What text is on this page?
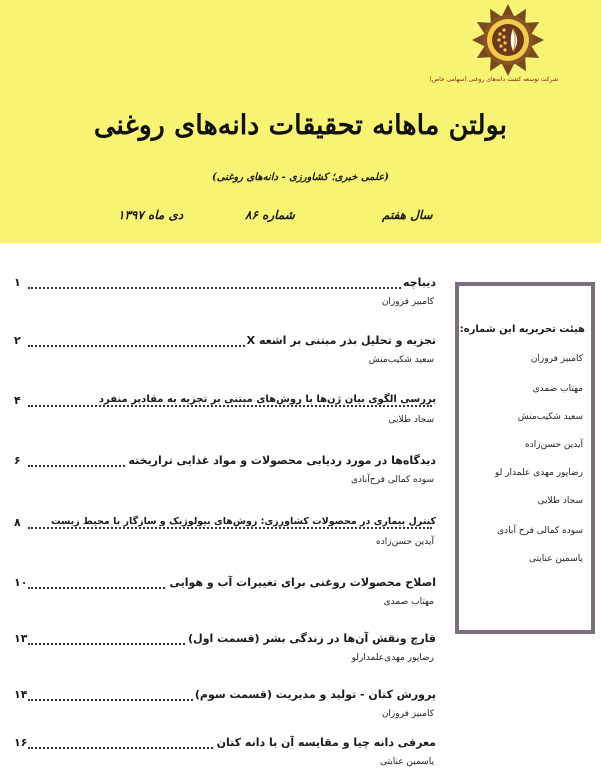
شرکت توسعه کشت دانه‌های روغنی (سهامی خاص)
بولتن ماهانه تحقیقات دانه‌های روغنی
(علمی خبری؛ کشاورزی - دانه‌های روغنی)
سال هفتم
شماره ۸۶
دی ماه ۱۳۹۷
دیباچه
۱
کامبیز فروزان
تجزیه و تحلیل بذر مبتنی بر اشعه X
۲
سعید شکیب‌منش
بررسی الگوی بیان ژن‌ها با روش‌های مبتنی بر تجزیه به مقادیر منفرد
۴
سجاد طلایی
دیدگاه‌ها در مورد ردیابی محصولات و مواد غذایی تراریخته
۶
سوده کمالی فرح‌آبادی
کنترل بیماری در محصولات کشاورزی: روش‌های بیولوژیک و سازگار با محیط زیست
۸
آیدین حسن‌زاده
اصلاح محصولات روغنی برای تغییرات آب و هوایی
۱۰
مهتاب صمدی
قارچ ونقش آن‌ها در زندگی بشر (قسمت اول)
۱۳
رضاپور مهدی‌علمدارلو
پرورش کتان - تولید و مدیریت (قسمت سوم)
۱۴
کامبیز فروزان
معرفی دانه چیا و مقایسه آن با دانه کتان
۱۶
یاسمین عنایتی
هیئت تحریریه این شماره:
کامبیز فروزان
مهتاب صمدی
سعید شکیب‌منش
آیدین حسن‌زاده
رضاپور مهدی علمدار لو
سجاد طلایی
سوده کمالی فرح آبادی
یاسمین عنایتی
